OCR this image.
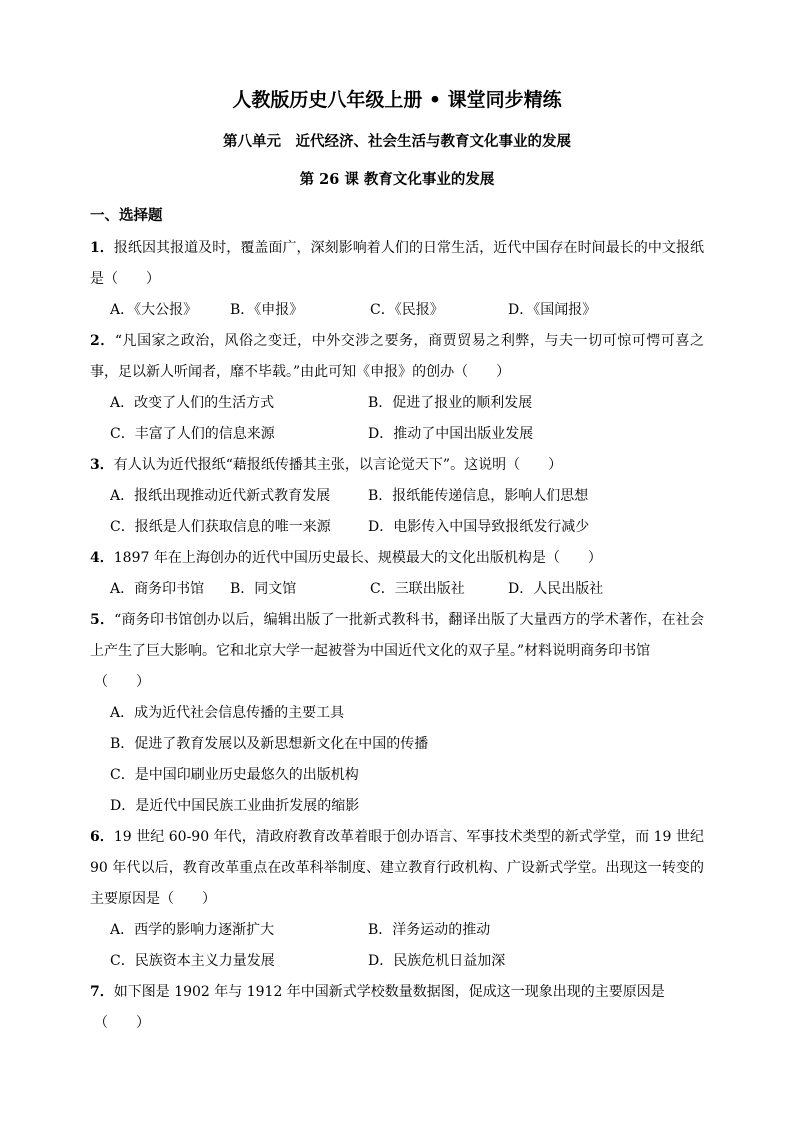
人教版历史八年级上册 • 课堂同步精练
第八单元　近代经济、社会生活与教育文化事业的发展
第 26 课 教育文化事业的发展
一、选择题
1．报纸因其报道及时，覆盖面广，深刻影响着人们的日常生活，近代中国存在时间最长的中文报纸是（　　）
A．《大公报》	B．《申报》	C．《民报》	D．《国闻报》
2．“凡国家之政治，风俗之变迁，中外交涉之要务，商贾贸易之利弊，与夫一切可惊可愕可喜之事，足以新人听闻者，靡不毕载。”由此可知《申报》的创办（　　）
A．改变了人们的生活方式	B．促进了报业的顺利发展
C．丰富了人们的信息来源	D．推动了中国出版业发展
3．有人认为近代报纸“藉报纸传播其主张，以言论觉天下”。这说明（　　）
A．报纸出现推动近代新式教育发展	B．报纸能传递信息，影响人们思想
C．报纸是人们获取信息的唯一来源	D．电影传入中国导致报纸发行减少
4．1897 年在上海创办的近代中国历史最长、规模最大的文化出版机构是（　　）
A．商务印书馆	B．同文馆	C．三联出版社	D．人民出版社
5．“商务印书馆创办以后，编辑出版了一批新式教科书，翻译出版了大量西方的学术著作，在社会上产生了巨大影响。它和北京大学一起被誉为中国近代文化的双子星。”材料说明商务印书馆
（　　）
A．成为近代社会信息传播的主要工具
B．促进了教育发展以及新思想新文化在中国的传播
C．是中国印刷业历史最悠久的出版机构
D．是近代中国民族工业曲折发展的缩影
6．19 世纪 60-90 年代，清政府教育改革着眼于创办语言、军事技术类型的新式学堂，而 19 世纪 90 年代以后，教育改革重点在改革科举制度、建立教育行政机构、广设新式学堂。出现这一转变的主要原因是（　　）
A．西学的影响力逐渐扩大	B．洋务运动的推动
C．民族资本主义力量发展	D．民族危机日益加深
7．如下图是 1902 年与 1912 年中国新式学校数量数据图，促成这一现象出现的主要原因是
（　　）
